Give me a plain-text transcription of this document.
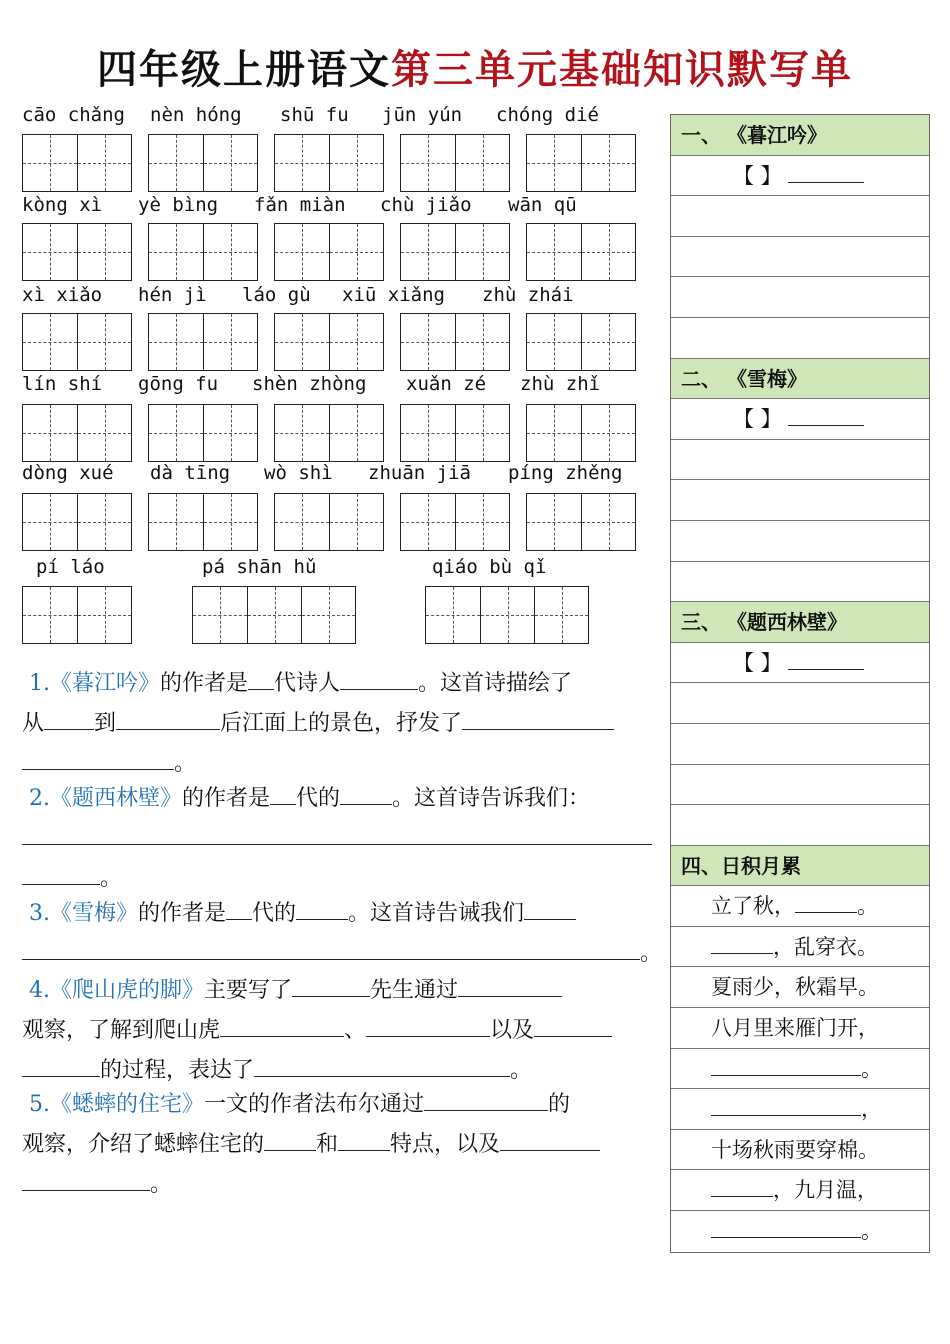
四年级上册语文第三单元基础知识默写单
cāo chǎng nèn hóng shū fu jūn yún chóng dié
kòng xì yè bìng fǎn miàn chù jiǎo wān qū
xì xiǎo hén jì láo gù xiū xiǎng zhù zhái
lín shí gōng fu shèn zhòng xuǎn zé zhù zhǐ
dòng xué dà tīng wò shì zhuān jiā píng zhěng
pí láo	pá shān hǔ	qiáo bù qǐ
1.《暮江吟》的作者是 代诗人	。这首诗描绘了
从 到	后江面上的景色，抒发了
。
2.《题西林壁》的作者是 代的 。这首诗告诉我们：

。
3.《雪梅》的作者是 代的 。这首诗告诫我们
。
4.《爬山虎的脚》主要写了	先生通过
观察，了解到爬山虎	、	以及
的过程，表达了	。
5.《蟋蟀的住宅》一文的作者法布尔通过	的
观察，介绍了蟋蟀住宅的 和 特点，以及
。
一、 《暮江吟》
【 】
二、 《雪梅》
【 】
三、 《题西林壁》
【 】
四、日积月累
立了秋，	。
，乱穿衣。
夏雨少，秋霜早。
八月里来雁门开，
。
，
十场秋雨要穿棉。
，九月温，
。
